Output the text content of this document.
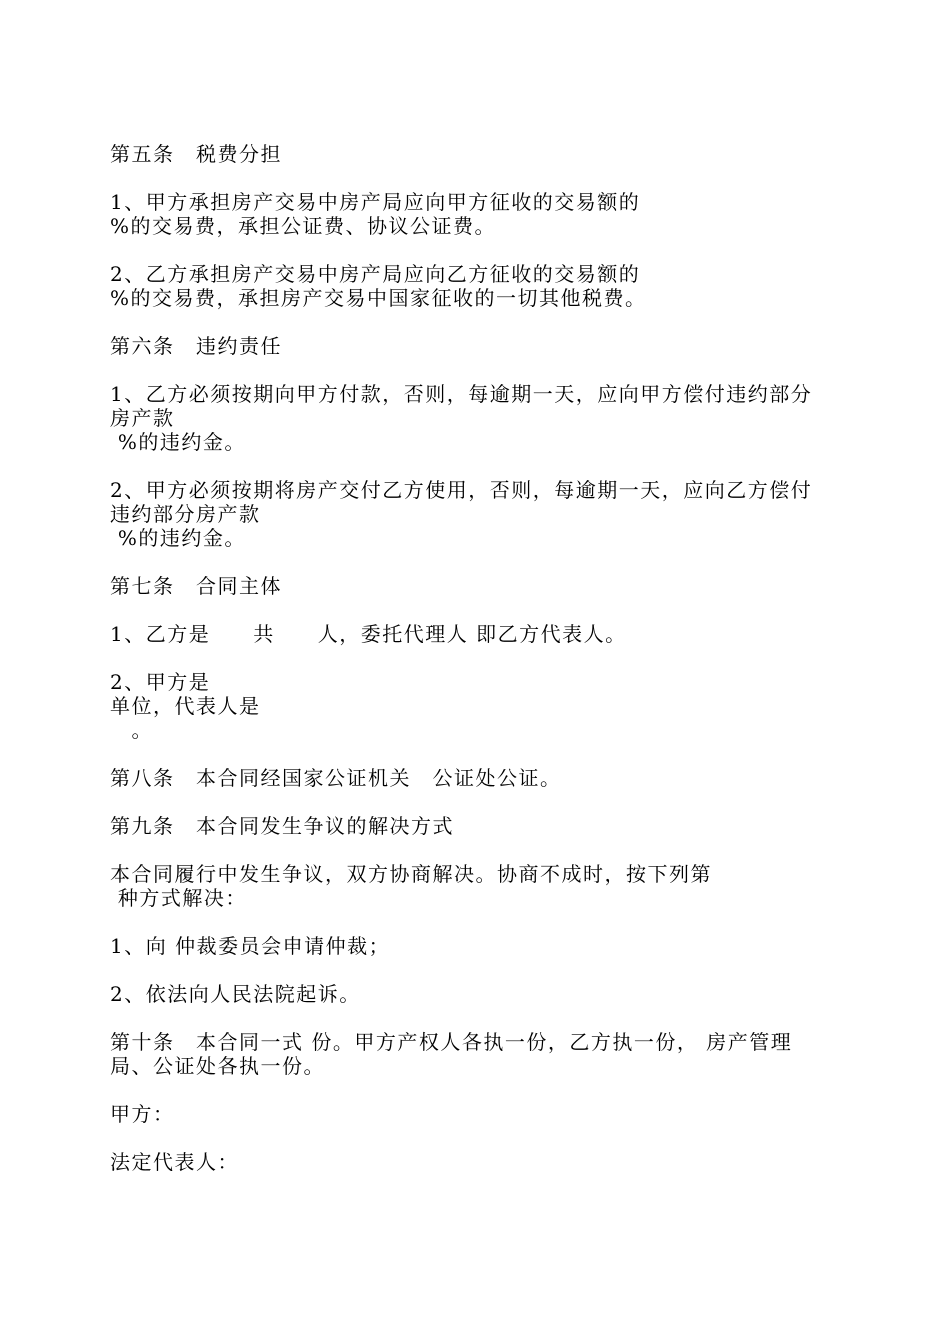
第五条　税费分担

1、甲方承担房产交易中房产局应向甲方征收的交易额的
%的交易费，承担公证费、协议公证费。

2、乙方承担房产交易中房产局应向乙方征收的交易额的
%的交易费，承担房产交易中国家征收的一切其他税费。

第六条　违约责任

1、乙方必须按期向甲方付款，否则，每逾期一天，应向甲方偿付违约部分
房产款
%的违约金。

2、甲方必须按期将房产交付乙方使用，否则，每逾期一天，应向乙方偿付
违约部分房产款
%的违约金。

第七条　合同主体

1、乙方是　　共　　人，委托代理人 即乙方代表人。

2、甲方是
单位，代表人是
　。

第八条　本合同经国家公证机关　公证处公证。

第九条　本合同发生争议的解决方式

本合同履行中发生争议，双方协商解决。协商不成时，按下列第
种方式解决：

1、向 仲裁委员会申请仲裁；

2、依法向人民法院起诉。

第十条　本合同一式 份。甲方产权人各执一份，乙方执一份， 房产管理
局、公证处各执一份。

甲方：

法定代表人：
